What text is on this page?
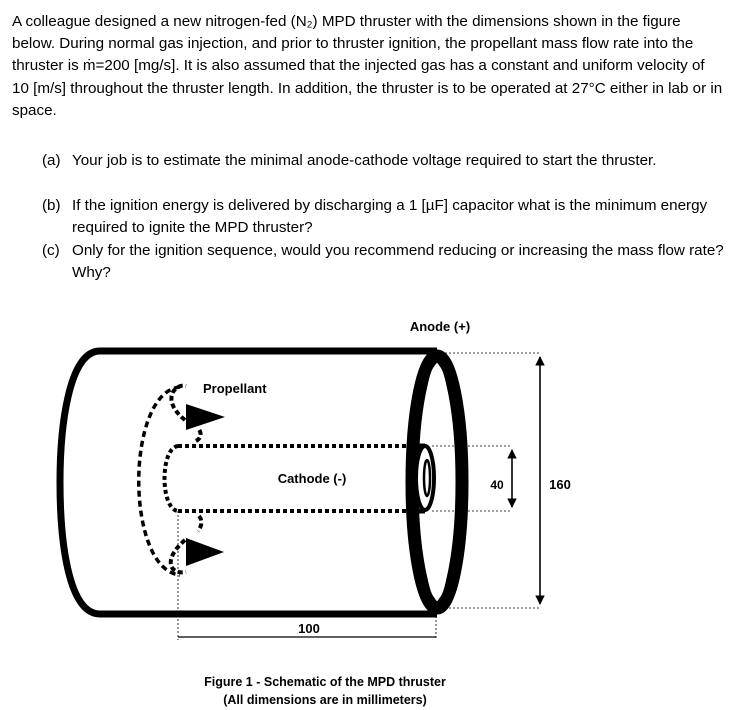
A colleague designed a new nitrogen-fed (N₂) MPD thruster with the dimensions shown in the figure below. During normal gas injection, and prior to thruster ignition, the propellant mass flow rate into the thruster is ṁ=200 [mg/s]. It is also assumed that the injected gas has a constant and uniform velocity of 10 [m/s] throughout the thruster length. In addition, the thruster is to be operated at 27°C either in lab or in space.

(a) Your job is to estimate the minimal anode-cathode voltage required to start the thruster.
(b) If the ignition energy is delivered by discharging a 1 [µF] capacitor what is the minimum energy required to ignite the MPD thruster?
(c) Only for the ignition sequence, would you recommend reducing or increasing the mass flow rate? Why?
Anode (+)
Propellant
Cathode (-)	40	160
100
Figure 1 - Schematic of the MPD thruster
(All dimensions are in millimeters)
